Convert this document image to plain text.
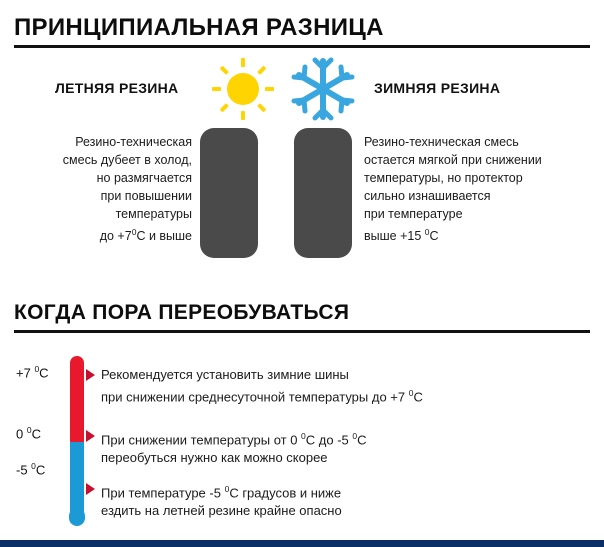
ПРИНЦИПИАЛЬНАЯ РАЗНИЦА
ЛЕТНЯЯ РЕЗИНА	ЗИМНЯЯ РЕЗИНА
Резино-техническая
смесь дубеет в холод,
но размягчается
при повышении
температуры
до $+7^0С$ и выше
Резино-техническая смесь
остается мягкой при снижении
температуры, но протектор
сильно изнашивается
при температуре
выше +15 $^0$С
КОГДА ПОРА ПЕРЕОБУВАТЬСЯ
+7 $^0$С
0 $^0$С
-5 $^0$С
Рекомендуется установить зимние шины
при снижении среднесуточной температуры до +7 $^0$С
При снижении температуры от 0 $^0$С до -5 $^0$С
переобуться нужно как можно скорее
При температуре -5 $^0$С градусов и ниже
ездить на летней резине крайне опасно
